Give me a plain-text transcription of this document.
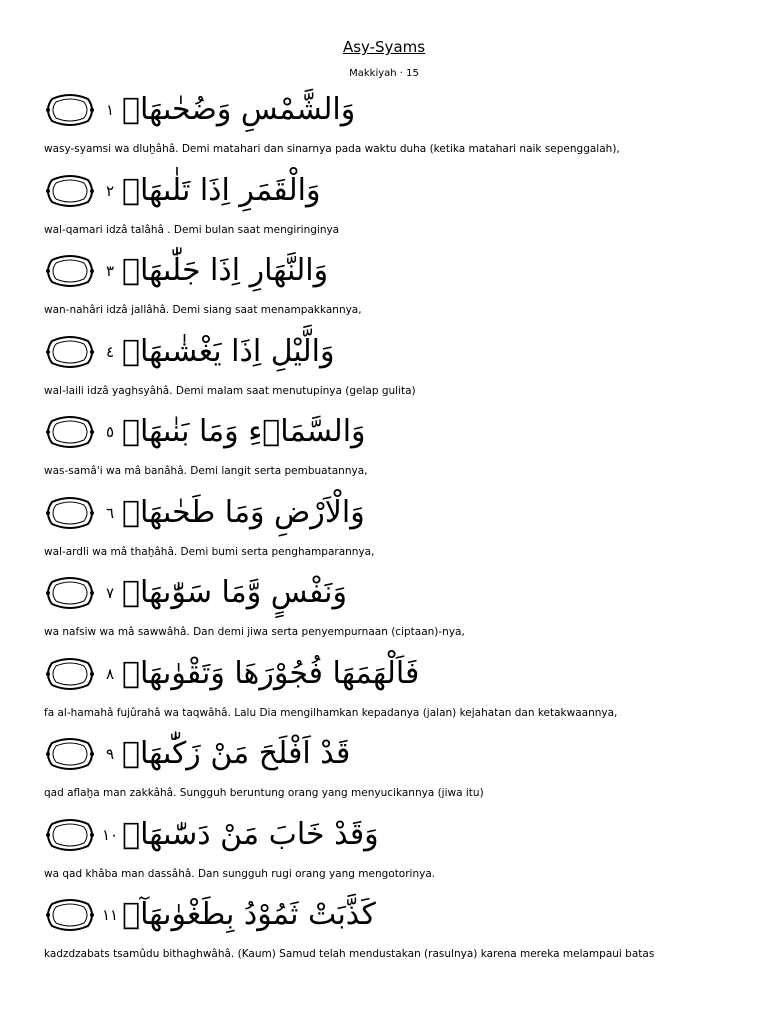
Asy-Syams
Makkiyah · 15
١ وَالشَّمْسِ وَضُحٰىهَاۖ
wasy-syamsi wa dluḫâhâ. Demi matahari dan sinarnya pada waktu duha (ketika matahari naik sepenggalah),
٢ وَالْقَمَرِ اِذَا تَلٰىهَاۖ
wal-qamari idzâ talâhâ . Demi bulan saat mengiringinya
٣ وَالنَّهَارِ اِذَا جَلّٰىهَاۖ
wan-nahâri idzâ jallâhâ. Demi siang saat menampakkannya,
٤ وَالَّيْلِ اِذَا يَغْشٰىهَاۖ
wal-laili idzâ yaghsyâhâ. Demi malam saat menutupinya (gelap gulita)
٥ وَالسَّمَاۤءِ وَمَا بَنٰىهَاۖ
was-samâ'i wa mâ banâhâ. Demi langit serta pembuatannya,
٦ وَالْاَرْضِ وَمَا طَحٰىهَاۖ
wal-ardli wa mâ thaḫâhâ. Demi bumi serta penghamparannya,
٧ وَنَفْسٍ وَّمَا سَوّٰىهَاۖ
wa nafsiw wa mâ sawwâhâ. Dan demi jiwa serta penyempurnaan (ciptaan)-nya,
٨ فَاَلْهَمَهَا فُجُوْرَهَا وَتَقْوٰىهَاۖ
fa al-hamahâ fujûrahâ wa taqwâhâ. Lalu Dia mengilhamkan kepadanya (jalan) kejahatan dan ketakwaannya,
٩ قَدْ اَفْلَحَ مَنْ زَكّٰىهَاۖ
qad aflaḫa man zakkâhâ. Sungguh beruntung orang yang menyucikannya (jiwa itu)
١٠ وَقَدْ خَابَ مَنْ دَسّٰىهَاۗ
wa qad khâba man dassâhâ. Dan sungguh rugi orang yang mengotorinya.
١١ كَذَّبَتْ ثَمُوْدُ بِطَغْوٰىهَآۖ
kadzdzabats tsamûdu bithaghwâhâ. (Kaum) Samud telah mendustakan (rasulnya) karena mereka melampaui batas
